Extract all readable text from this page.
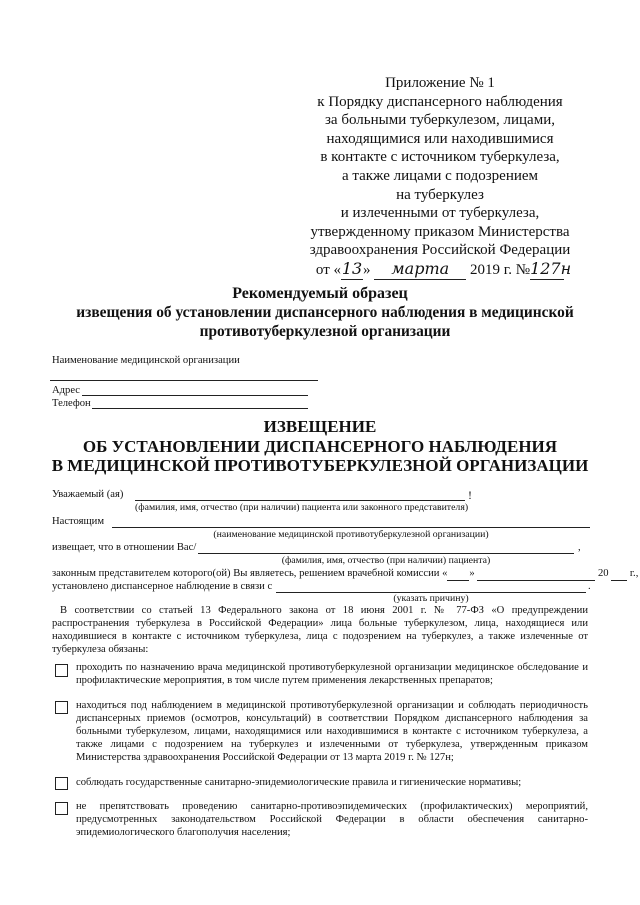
Приложение № 1
к Порядку диспансерного наблюдения
за больными туберкулезом, лицами,
находящимися или находившимися
в контакте с источником туберкулеза,
а также лицами с подозрением
на туберкулез
и излеченными от туберкулеза,
утвержденному приказом Министерства
здравоохранения Российской Федерации
от «13» марта 2019 г. №127н
Рекомендуемый образец
извещения об установлении диспансерного наблюдения в медицинской
противотуберкулезной организации
Наименование медицинской организации
Адрес
Телефон
ИЗВЕЩЕНИЕ
ОБ УСТАНОВЛЕНИИ ДИСПАНСЕРНОГО НАБЛЮДЕНИЯ
В МЕДИЦИНСКОЙ ПРОТИВОТУБЕРКУЛЕЗНОЙ ОРГАНИЗАЦИИ
Уважаемый (ая)	!
(фамилия, имя, отчество (при наличии) пациента или законного представителя)
Настоящим
(наименование медицинской противотуберкулезной организации)
извещает, что в отношении Вас/	,
(фамилия, имя, отчество (при наличии) пациента)
законным представителем которого(ой) Вы являетесь, решением врачебной комиссии « »	20 г.,
установлено диспансерное наблюдение в связи с	.
(указать причину)
В соответствии со статьей 13 Федерального закона от 18 июня 2001 г. № 77-ФЗ «О предупреждении распространения туберкулеза в Российской Федерации» лица больные туберкулезом, лица, находящиеся или находившиеся в контакте с источником туберкулеза, лица с подозрением на туберкулез, а также излеченные от туберкулеза обязаны:
проходить по назначению врача медицинской противотуберкулезной организации медицинское обследование и профилактические мероприятия, в том числе путем применения лекарственных препаратов;
находиться под наблюдением в медицинской противотуберкулезной организации и соблюдать периодичность диспансерных приемов (осмотров, консультаций) в соответствии Порядком диспансерного наблюдения за больными туберкулезом, лицами, находящимися или находившимися в контакте с источником туберкулеза, а также лицами с подозрением на туберкулез и излеченными от туберкулеза, утвержденным приказом Министерства здравоохранения Российской Федерации от 13 марта 2019 г. № 127н;
соблюдать государственные санитарно-эпидемиологические правила и гигиенические нормативы;
не препятствовать проведению санитарно-противоэпидемических (профилактических) мероприятий, предусмотренных законодательством Российской Федерации в области обеспечения санитарно-эпидемиологического благополучия населения;
